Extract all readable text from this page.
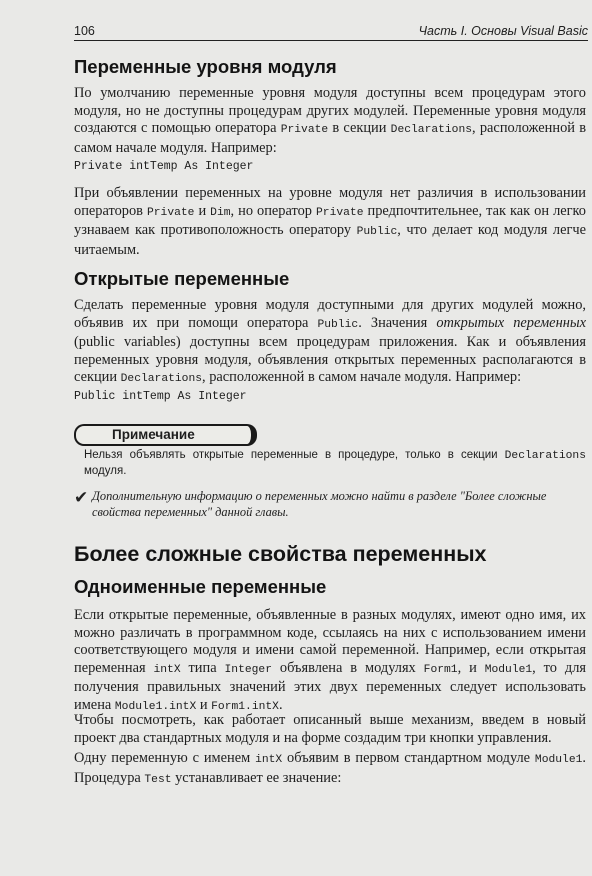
106	Часть I. Основы Visual Basic
Переменные уровня модуля

По умолчанию переменные уровня модуля доступны всем процедурам этого модуля, но не доступны процедурам других модулей. Переменные уровня модуля создаются с помощью оператора Private в секции Declarations, расположенной в самом начале модуля. Например:

Private intTemp As Integer

При объявлении переменных на уровне модуля нет различия в использовании операторов Private и Dim, но оператор Private предпочтительнее, так как он легко узнаваем как противоположность оператору Public, что делает код модуля легче читаемым.

Открытые переменные

Сделать переменные уровня модуля доступными для других модулей можно, объявив их при помощи оператора Public. Значения открытых переменных (public variables) доступны всем процедурам приложения. Как и объявления переменных уровня модуля, объявления открытых переменных располагаются в секции Declarations, расположенной в самом начале модуля. Например:

Public intTemp As Integer
Примечание

Нельзя объявлять открытые переменные в процедуре, только в секции Declarations модуля.

✔ Дополнительную информацию о переменных можно найти в разделе "Более сложные свойства переменных" данной главы.

Более сложные свойства переменных
Одноименные переменные

Если открытые переменные, объявленные в разных модулях, имеют одно имя, их можно различать в программном коде, ссылаясь на них с использованием имени соответствующего модуля и имени самой переменной. Например, если открытая переменная intX типа Integer объявлена в модулях Form1, и Module1, то для получения правильных значений этих двух переменных следует использовать имена Module1.intX и Form1.intX.

Чтобы посмотреть, как работает описанный выше механизм, введем в новый проект два стандартных модуля и на форме создадим три кнопки управления.

Одну переменную с именем intX объявим в первом стандартном модуле Module1. Процедура Test устанавливает ее значение:
